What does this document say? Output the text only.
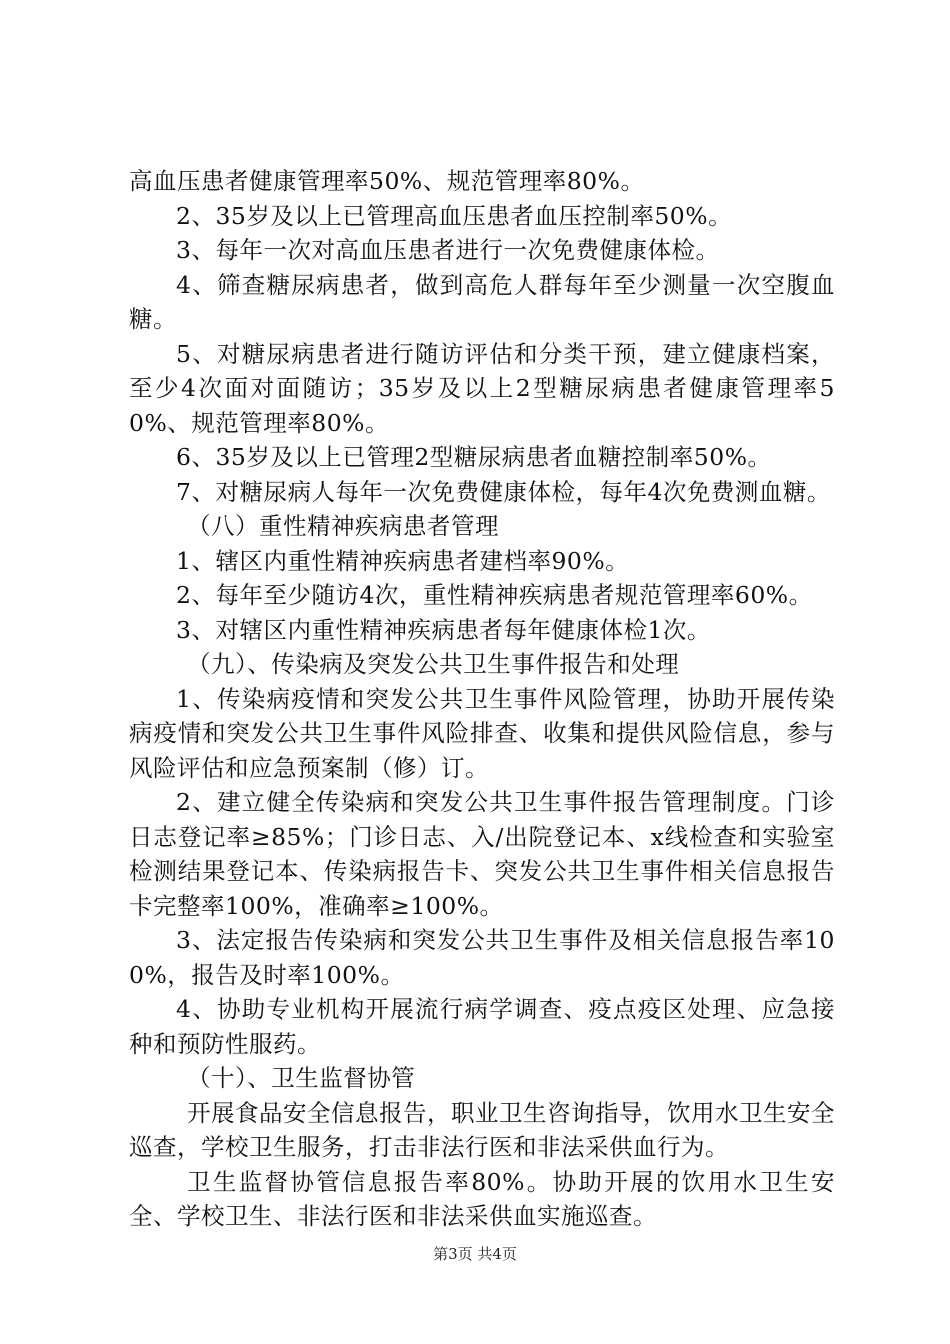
高血压患者健康管理率50%、规范管理率80%。

2、35岁及以上已管理高血压患者血压控制率50%。

3、每年一次对高血压患者进行一次免费健康体检。

4、筛查糖尿病患者，做到高危人群每年至少测量一次空腹血糖。

5、对糖尿病患者进行随访评估和分类干预，建立健康档案，至少4次面对面随访；35岁及以上2型糖尿病患者健康管理率50%、规范管理率80%。

6、35岁及以上已管理2型糖尿病患者血糖控制率50%。

7、对糖尿病人每年一次免费健康体检，每年4次免费测血糖。

（八）重性精神疾病患者管理

1、辖区内重性精神疾病患者建档率90%。

2、每年至少随访4次，重性精神疾病患者规范管理率60%。

3、对辖区内重性精神疾病患者每年健康体检1次。

（九）、传染病及突发公共卫生事件报告和处理

1、传染病疫情和突发公共卫生事件风险管理，协助开展传染病疫情和突发公共卫生事件风险排查、收集和提供风险信息，参与风险评估和应急预案制（修）订。

2、建立健全传染病和突发公共卫生事件报告管理制度。门诊日志登记率≥85%；门诊日志、入/出院登记本、x线检查和实验室检测结果登记本、传染病报告卡、突发公共卫生事件相关信息报告卡完整率100%，准确率≥100%。

3、法定报告传染病和突发公共卫生事件及相关信息报告率100%，报告及时率100%。

4、协助专业机构开展流行病学调查、疫点疫区处理、应急接种和预防性服药。

（十）、卫生监督协管

开展食品安全信息报告，职业卫生咨询指导，饮用水卫生安全巡查，学校卫生服务，打击非法行医和非法采供血行为。

卫生监督协管信息报告率80%。协助开展的饮用水卫生安全、学校卫生、非法行医和非法采供血实施巡查。

第3页 共4页
